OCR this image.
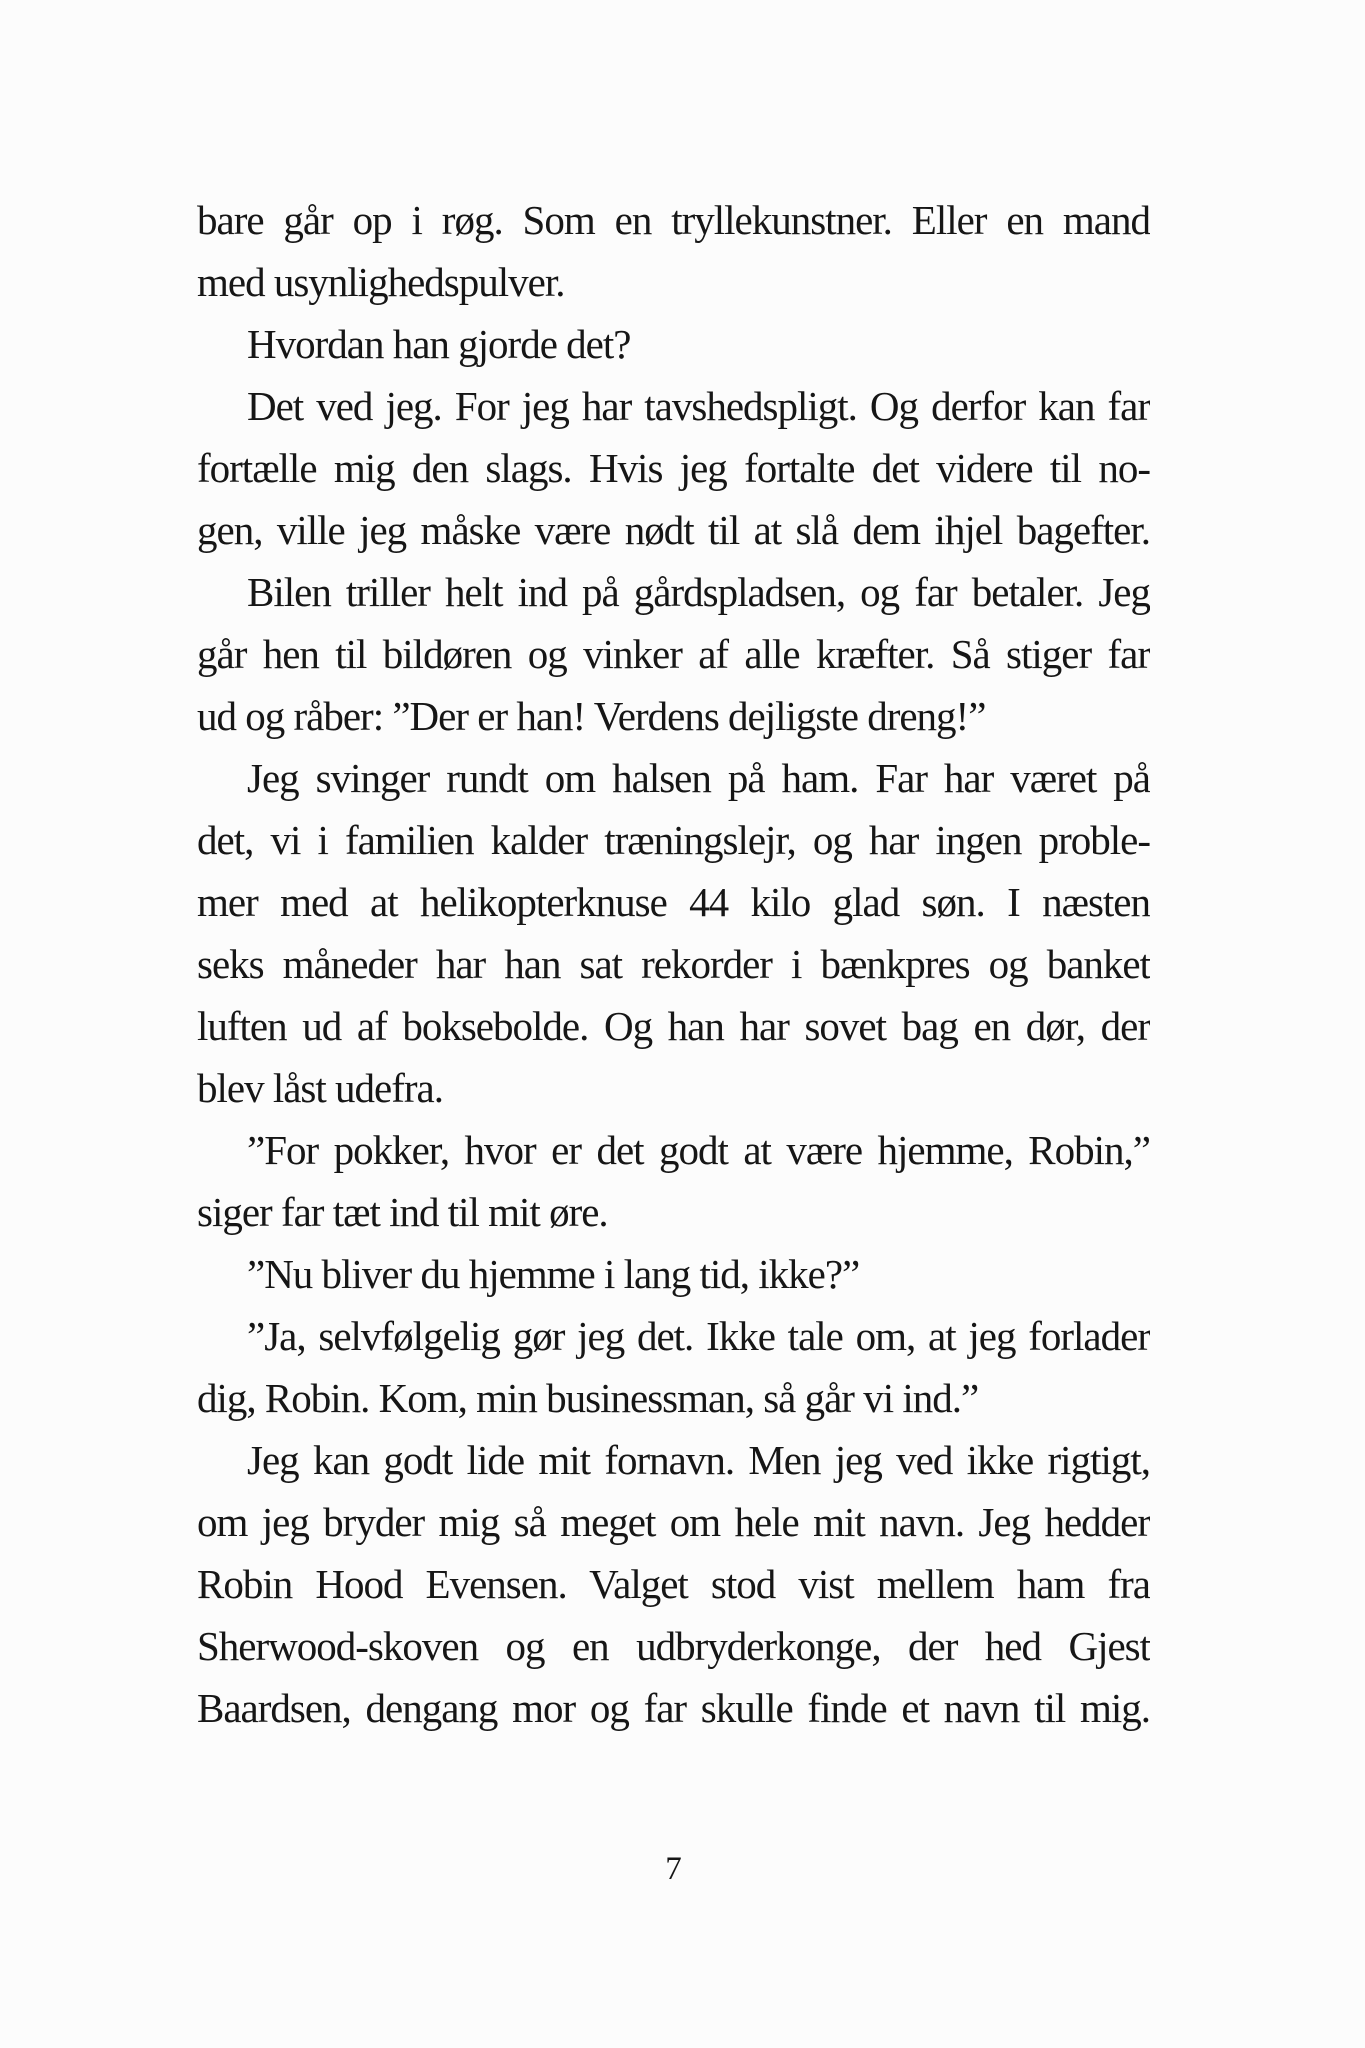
bare går op i røg. Som en tryllekunstner. Eller en mand
med usynlighedspulver.
Hvordan han gjorde det?
Det ved jeg. For jeg har tavshedspligt. Og derfor kan far
fortælle mig den slags. Hvis jeg fortalte det videre til no-
gen, ville jeg måske være nødt til at slå dem ihjel bagefter.
Bilen triller helt ind på gårdspladsen, og far betaler. Jeg
går hen til bildøren og vinker af alle kræfter. Så stiger far
ud og råber: ”Der er han! Verdens dejligste dreng!”
Jeg svinger rundt om halsen på ham. Far har været på
det, vi i familien kalder træningslejr, og har ingen proble-
mer med at helikopterknuse 44 kilo glad søn. I næsten
seks måneder har han sat rekorder i bænkpres og banket
luften ud af boksebolde. Og han har sovet bag en dør, der
blev låst udefra.
”For pokker, hvor er det godt at være hjemme, Robin,”
siger far tæt ind til mit øre.
”Nu bliver du hjemme i lang tid, ikke?”
”Ja, selvfølgelig gør jeg det. Ikke tale om, at jeg forlader
dig, Robin. Kom, min businessman, så går vi ind.”
Jeg kan godt lide mit fornavn. Men jeg ved ikke rigtigt,
om jeg bryder mig så meget om hele mit navn. Jeg hedder
Robin Hood Evensen. Valget stod vist mellem ham fra
Sherwood-skoven og en udbryderkonge, der hed Gjest
Baardsen, dengang mor og far skulle finde et navn til mig.
7
